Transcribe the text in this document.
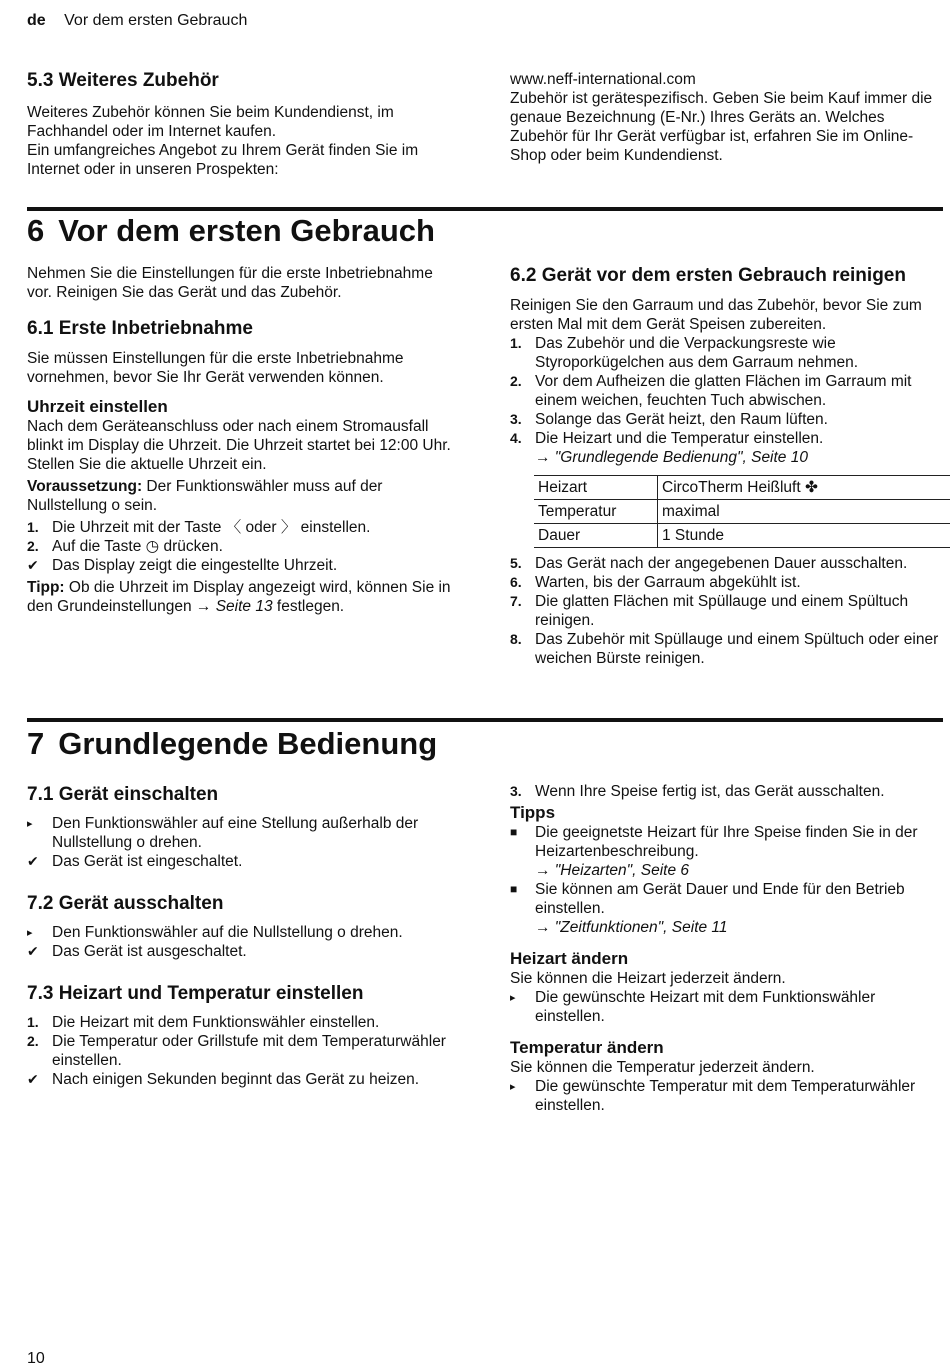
de Vor dem ersten Gebrauch

5.3 Weiteres Zubehör

Weiteres Zubehör können Sie beim Kundendienst, im Fachhandel oder im Internet kaufen.

Ein umfangreiches Angebot zu Ihrem Gerät finden Sie im Internet oder in unseren Prospekten:

www.neff-international.com

Zubehör ist gerätespezifisch. Geben Sie beim Kauf immer die genaue Bezeichnung (E-Nr.) Ihres Geräts an. Welches Zubehör für Ihr Gerät verfügbar ist, erfahren Sie im Online-Shop oder beim Kundendienst.

6 Vor dem ersten Gebrauch

Nehmen Sie die Einstellungen für die erste Inbetriebnahme vor. Reinigen Sie das Gerät und das Zubehör.

6.1 Erste Inbetriebnahme

Sie müssen Einstellungen für die erste Inbetriebnahme vornehmen, bevor Sie Ihr Gerät verwenden können.

Uhrzeit einstellen

Nach dem Geräteanschluss oder nach einem Stromausfall blinkt im Display die Uhrzeit. Die Uhrzeit startet bei 12:00 Uhr. Stellen Sie die aktuelle Uhrzeit ein.

Voraussetzung: Der Funktionswähler muss auf der Nullstellung o sein.

1. Die Uhrzeit mit der Taste 〈 oder 〉 einstellen.
2. Auf die Taste ◷ drücken.
✔ Das Display zeigt die eingestellte Uhrzeit.

Tipp: Ob die Uhrzeit im Display angezeigt wird, können Sie in den Grundeinstellungen → Seite 13 festlegen.

6.2 Gerät vor dem ersten Gebrauch reinigen

Reinigen Sie den Garraum und das Zubehör, bevor Sie zum ersten Mal mit dem Gerät Speisen zubereiten.

1. Das Zubehör und die Verpackungsreste wie Styroporkügelchen aus dem Garraum nehmen.
2. Vor dem Aufheizen die glatten Flächen im Garraum mit einem weichen, feuchten Tuch abwischen.
3. Solange das Gerät heizt, den Raum lüften.
4. Die Heizart und die Temperatur einstellen.
→ "Grundlegende Bedienung", Seite 10
Heizart	CircoTherm Heißluft ✤
Temperatur	maximal
Dauer	1 Stunde
5. Das Gerät nach der angegebenen Dauer ausschalten.
6. Warten, bis der Garraum abgekühlt ist.
7. Die glatten Flächen mit Spüllauge und einem Spültuch reinigen.
8. Das Zubehör mit Spüllauge und einem Spültuch oder einer weichen Bürste reinigen.
7 Grundlegende Bedienung

7.1 Gerät einschalten

▸ Den Funktionswähler auf eine Stellung außerhalb der Nullstellung o drehen.
✔ Das Gerät ist eingeschaltet.

7.2 Gerät ausschalten

▸ Den Funktionswähler auf die Nullstellung o drehen.
✔ Das Gerät ist ausgeschaltet.

7.3 Heizart und Temperatur einstellen

1. Die Heizart mit dem Funktionswähler einstellen.
2. Die Temperatur oder Grillstufe mit dem Temperaturwähler einstellen.
✔ Nach einigen Sekunden beginnt das Gerät zu heizen.
3. Wenn Ihre Speise fertig ist, das Gerät ausschalten.

Tipps

■ Die geeignetste Heizart für Ihre Speise finden Sie in der Heizartenbeschreibung.
→ "Heizarten", Seite 6
■ Sie können am Gerät Dauer und Ende für den Betrieb einstellen.
→ "Zeitfunktionen", Seite 11

Heizart ändern

Sie können die Heizart jederzeit ändern.

▸ Die gewünschte Heizart mit dem Funktionswähler einstellen.

Temperatur ändern

Sie können die Temperatur jederzeit ändern.

▸ Die gewünschte Temperatur mit dem Temperaturwähler einstellen.
10
